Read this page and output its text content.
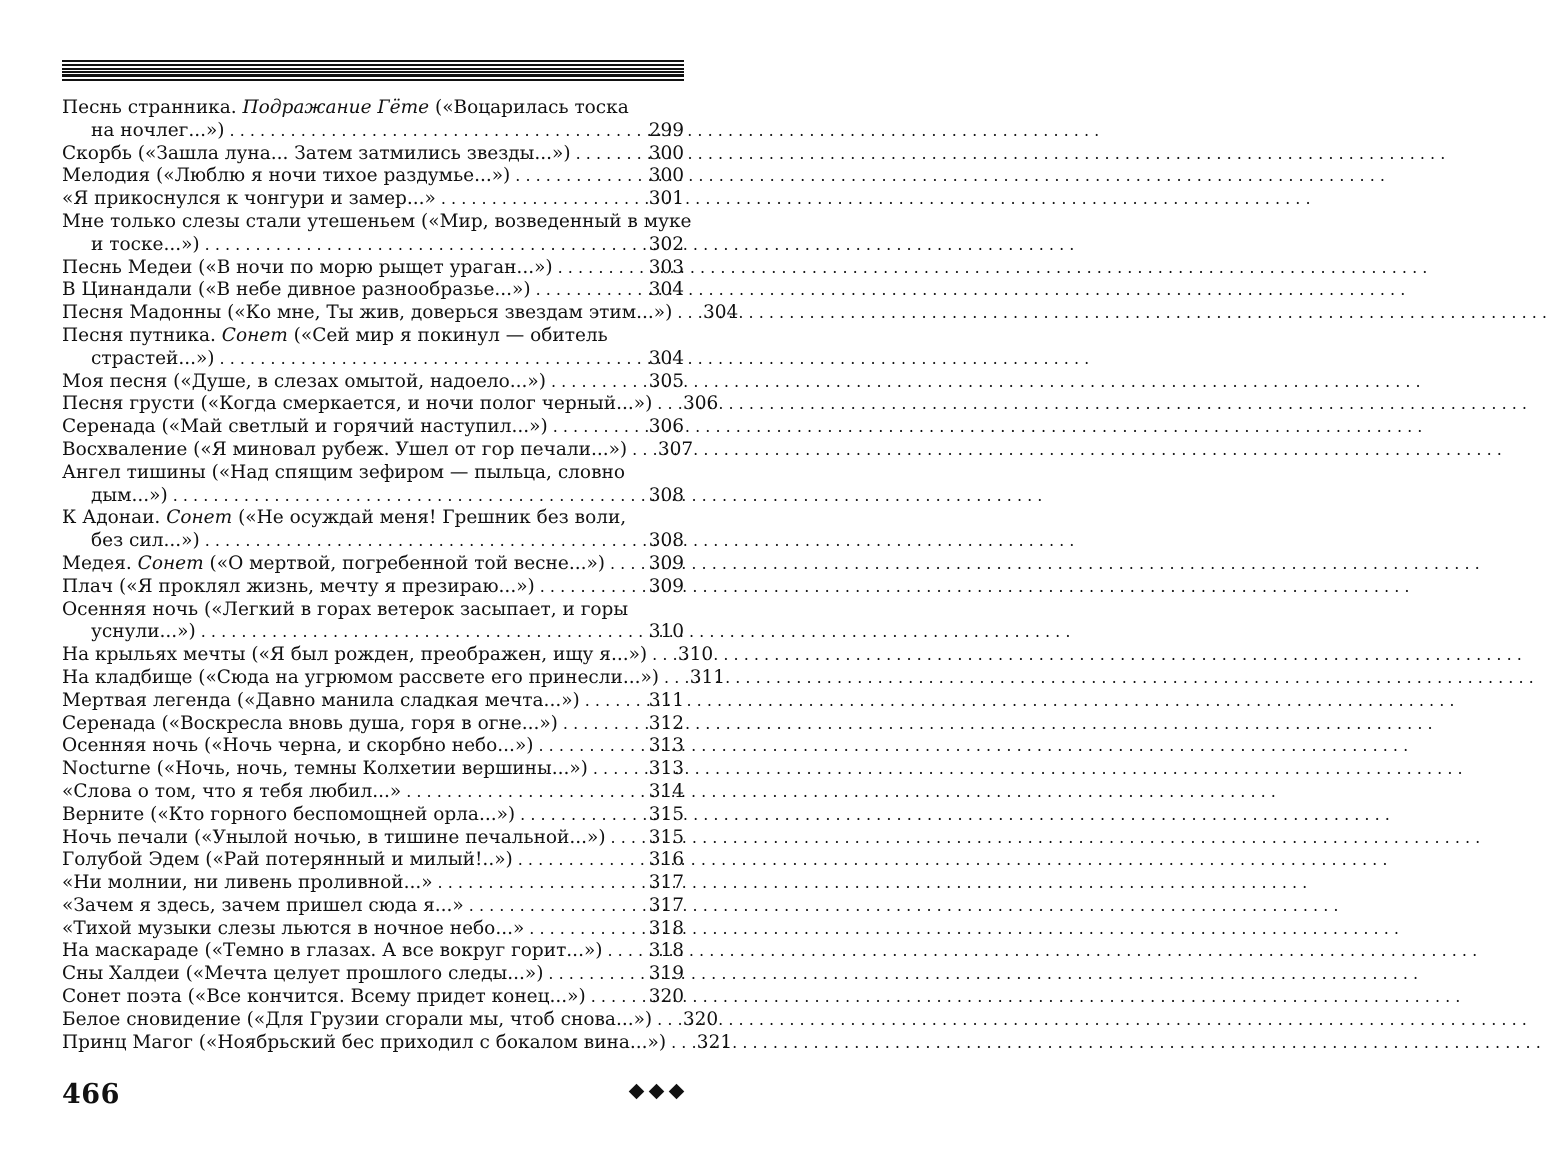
Песнь странника. Подражание Гёте («Воцарилась тоска
на ночлег...») . . .	299
Скорбь («Зашла луна... Затем затмились звезды...») . . .	300
Мелодия («Люблю я ночи тихое раздумье...») . . .	300
«Я прикоснулся к чонгури и замер...» . . .	301
Мне только слезы стали утешеньем («Мир, возведенный в муке
и тоске...») . . .	302
Песнь Медеи («В ночи по морю рыщет ураган...») . . .	303
В Цинандали («В небе дивное разнообразье...») . . .	304
Песня Мадонны («Ко мне, Ты жив, доверься звездам этим...») . . . 304
Песня путника. Сонет («Сей мир я покинул — обитель
страстей...») . . .	304
Моя песня («Душе, в слезах омытой, надоело...») . . .	305
Песня грусти («Когда смеркается, и ночи полог черный...») . . . 306
Серенада («Май светлый и горячий наступил...») . . .	306
Восхваление («Я миновал рубеж. Ушел от гор печали...») . . . 307
Ангел тишины («Над спящим зефиром — пыльца, словно
дым...») . . .	308
К Адонаи. Сонет («Не осуждай меня! Грешник без воли,
без сил...») . . .	308
Медея. Сонет («О мертвой, погребенной той весне...») . . . 309
Плач («Я проклял жизнь, мечту я презираю...») . . .	309
Осенняя ночь («Легкий в горах ветерок засыпает, и горы
уснули...») . . .	310
На крыльях мечты («Я был рожден, преображен, ищу я...») . . . 310
На кладбище («Сюда на угрюмом рассвете его принесли...») . . . 311
Мертвая легенда («Давно манила сладкая мечта...») . . .	311
Серенада («Воскресла вновь душа, горя в огне...») . . .	312
Осенняя ночь («Ночь черна, и скорбно небо...») . . .	313
Nocturne («Ночь, ночь, темны Колхетии вершины...») . . .	313
«Слова о том, что я тебя любил...» . . .	314
Верните («Кто горного беспомощней орла...») . . .	315
Ночь печали («Унылой ночью, в тишине печальной...») . . . 315
Голубой Эдем («Рай потерянный и милый!..») . . .	316
«Ни молнии, ни ливень проливной...» . . .	317
«Зачем я здесь, зачем пришел сюда я...» . . .	317
«Тихой музыки слезы льются в ночное небо...» . . .	318
На маскараде («Темно в глазах. А все вокруг горит...») . . . 318
Сны Халдеи («Мечта целует прошлого следы...») . . .	319
Сонет поэта («Все кончится. Всему придет конец...») . . .	320
Белое сновидение («Для Грузии сгорали мы, чтоб снова...») . . . 320
Принц Магог («Ноябрьский бес приходил с бокалом вина...») . . . 321
466
